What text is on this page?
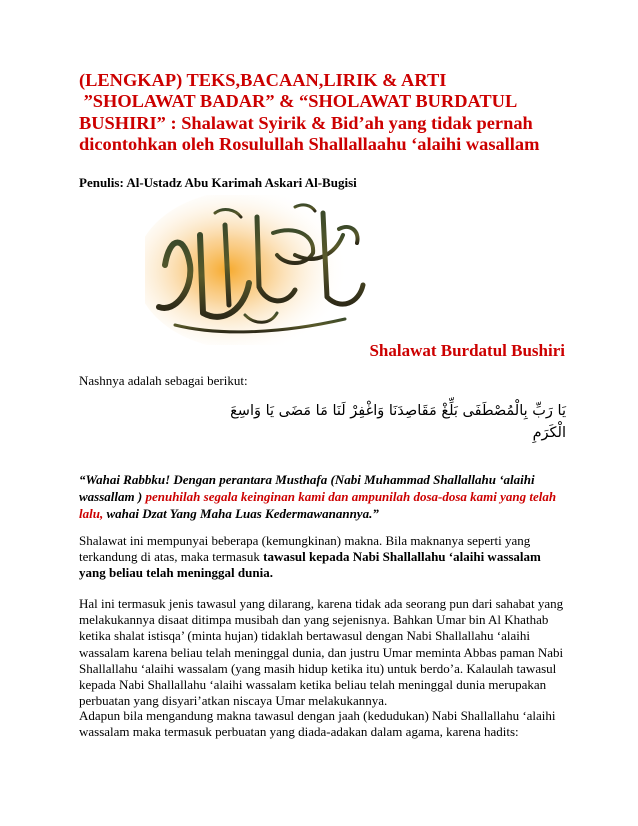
(LENGKAP) TEKS,BACAAN,LIRIK & ARTI
”SHOLAWAT BADAR” & “SHOLAWAT BURDATUL
BUSHIRI” : Shalawat Syirik & Bid’ah yang tidak pernah
dicontohkan oleh Rosulullah Shallallaahu ‘alaihi wasallam
Penulis: Al-Ustadz Abu Karimah Askari Al-Bugisi
Shalawat Burdatul Bushiri
Nashnya adalah sebagai berikut:
يَا رَبِّ بِالْمُصْطَفَى بَلِّغْ مَقَاصِدَنَا وَاغْفِرْ لَنَا مَا مَضَى يَا وَاسِعَ الْكَرَمِ
“Wahai Rabbku! Dengan perantara Musthafa (Nabi Muhammad Shallallahu ‘alaihi wassallam ) penuhilah segala keinginan kami dan ampunilah dosa-dosa kami yang telah lalu, wahai Dzat Yang Maha Luas Kedermawanannya.”
Shalawat ini mempunyai beberapa (kemungkinan) makna. Bila maknanya seperti yang terkandung di atas, maka termasuk tawasul kepada Nabi Shallallahu ‘alaihi wassalam yang beliau telah meninggal dunia.
Hal ini termasuk jenis tawasul yang dilarang, karena tidak ada seorang pun dari sahabat yang melakukannya disaat ditimpa musibah dan yang sejenisnya. Bahkan Umar bin Al Khathab ketika shalat istisqa’ (minta hujan) tidaklah bertawasul dengan Nabi Shallallahu ‘alaihi wassalam karena beliau telah meninggal dunia, dan justru Umar meminta Abbas paman Nabi Shallallahu ‘alaihi wassalam (yang masih hidup ketika itu) untuk berdo’a. Kalaulah tawasul kepada Nabi Shallallahu ‘alaihi wassalam ketika beliau telah meninggal dunia merupakan perbuatan yang disyari’atkan niscaya Umar melakukannya.
Adapun bila mengandung makna tawasul dengan jaah (kedudukan) Nabi Shallallahu ‘alaihi wassalam maka termasuk perbuatan yang diada-adakan dalam agama, karena hadits:
